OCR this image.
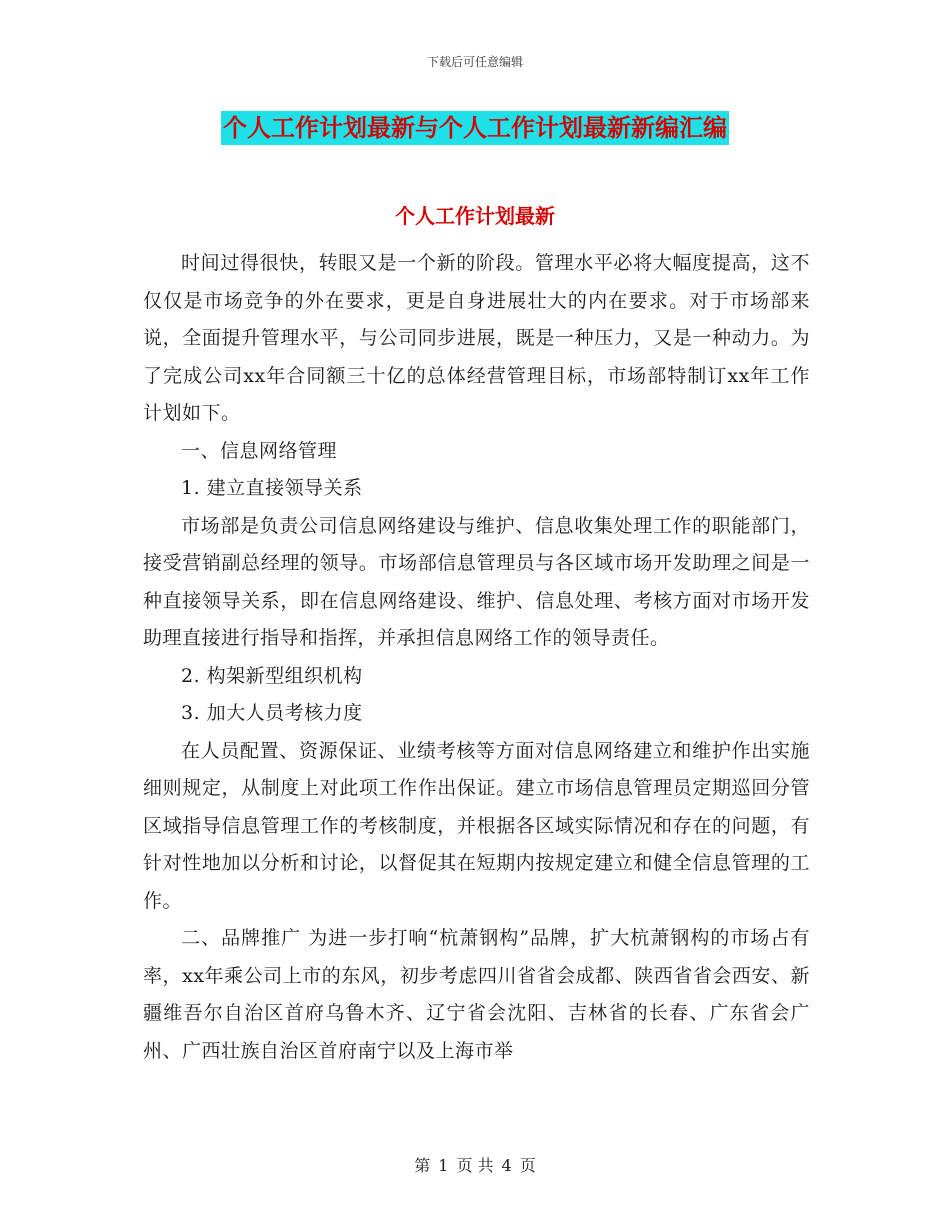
下载后可任意编辑
个人工作计划最新与个人工作计划最新新编汇编
个人工作计划最新

时间过得很快，转眼又是一个新的阶段。管理水平必将大幅度提高，这不仅仅是市场竞争的外在要求，更是自身进展壮大的内在要求。对于市场部来说，全面提升管理水平，与公司同步进展，既是一种压力，又是一种动力。为了完成公司xx年合同额三十亿的总体经营管理目标，市场部特制订xx年工作计划如下。

一、信息网络管理

1. 建立直接领导关系

市场部是负责公司信息网络建设与维护、信息收集处理工作的职能部门，接受营销副总经理的领导。市场部信息管理员与各区域市场开发助理之间是一种直接领导关系，即在信息网络建设、维护、信息处理、考核方面对市场开发助理直接进行指导和指挥，并承担信息网络工作的领导责任。

2. 构架新型组织机构

3. 加大人员考核力度

在人员配置、资源保证、业绩考核等方面对信息网络建立和维护作出实施细则规定，从制度上对此项工作作出保证。建立市场信息管理员定期巡回分管区域指导信息管理工作的考核制度，并根据各区域实际情况和存在的问题，有针对性地加以分析和讨论，以督促其在短期内按规定建立和健全信息管理的工作。

二、品牌推广 为进一步打响“杭萧钢构”品牌，扩大杭萧钢构的市场占有率，xx年乘公司上市的东风，初步考虑四川省省会成都、陕西省省会西安、新疆维吾尔自治区首府乌鲁木齐、辽宁省会沈阳、吉林省的长春、广东省会广州、广西壮族自治区首府南宁以及上海市举

第 1 页 共 4 页
